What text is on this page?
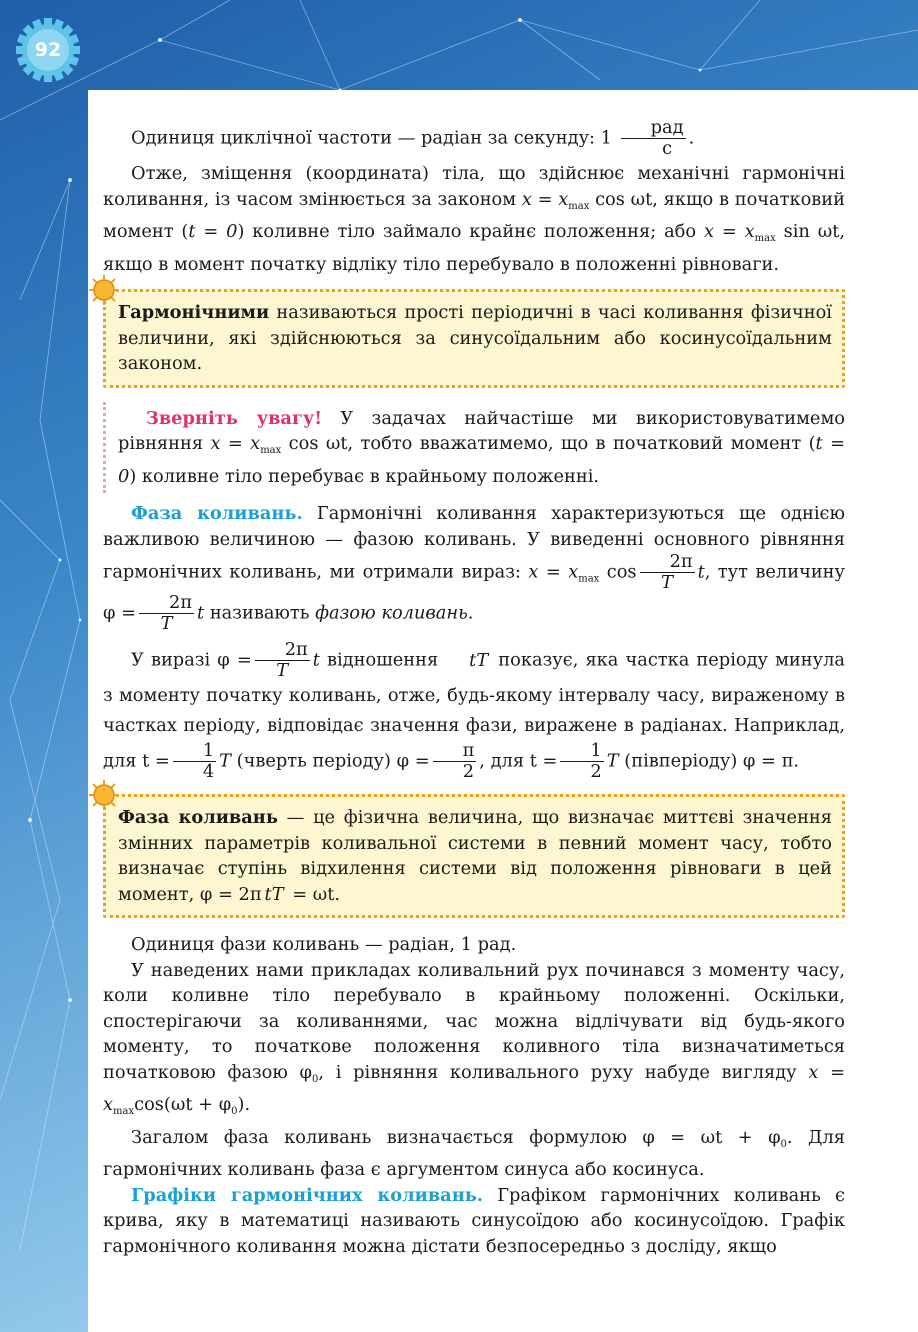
92

Одиниця циклічної частоти — радіан за секунду: $1 \frac{\text{рад}}{с}$ .

Отже, зміщення (координата) тіла, що здійснює механічні гармонічні коливання, із часом змінюється за законом $x = x_{max}$ cos ωt, якщо в початковий момент (t = 0) коливне тіло займало крайнє положення; або $x = x_{max}$ sin ωt, якщо в момент початку відліку тіло перебувало в положенні рівноваги.

Гармонічними називаються прості періодичні в часі коливання фізичної величини, які здійснюються за синусоїдальним або косинусоїдальним законом.

Зверніть увагу! У задачах найчастіше ми використовуватимемо рівняння $x = x_{max}$ cos ωt, тобто вважатимемо, що в початковий момент (t = 0) коливне тіло перебуває в крайньому положенні.

Фаза коливань. Гармонічні коливання характеризуються ще однією важливою величиною — фазою коливань. У виведенні основного рівняння гармонічних коливань, ми отримали вираз: $x = x_{max}$ $\cos \frac{2\pi}{T} t$, тут величину $\varphi = \frac{2\pi}{T}$ t називають фазою коливань.

У виразі $\varphi = \frac{2\pi}{T}$ t відношення tT показує, яка частка періоду минула з моменту початку коливань, отже, будь-якому інтервалу часу, вираженому в частках періоду, відповідає значення фази, виражене в радіанах. Наприклад, для $t = \frac{1}{4}$ T (чверть періоду) $\varphi = \frac{\pi}{2}$ , для $t = \frac{1}{2}$ T (півперіоду) φ = π.

Фаза коливань — це фізична величина, що визначає миттєві значення змінних параметрів коливальної системи в певний момент часу, тобто визначає ступінь відхилення системи від положення рівноваги в цей момент, φ = 2π tT = ωt.

Одиниця фази коливань — радіан, 1 рад.

У наведених нами прикладах коливальний рух починався з моменту часу, коли коливне тіло перебувало в крайньому положенні. Оскільки, спостерігаючи за коливаннями, час можна відлічувати від будь-якого моменту, то початкове положення коливного тіла визначатиметься початковою фазою $\varphi_0$, і рівняння коливального руху набуде вигляду $x = x_{max}\cos(\omega t + \varphi_0)$.

Загалом фаза коливань визначається формулою $\varphi = \omega t + \varphi_0$. Для гармонічних коливань фаза є аргументом синуса або косинуса.

Графіки гармонічних коливань. Графіком гармонічних коливань є крива, яку в математиці називають синусоїдою або косинусоїдою. Графік гармонічного коливання можна дістати безпосередньо з досліду, якщо
